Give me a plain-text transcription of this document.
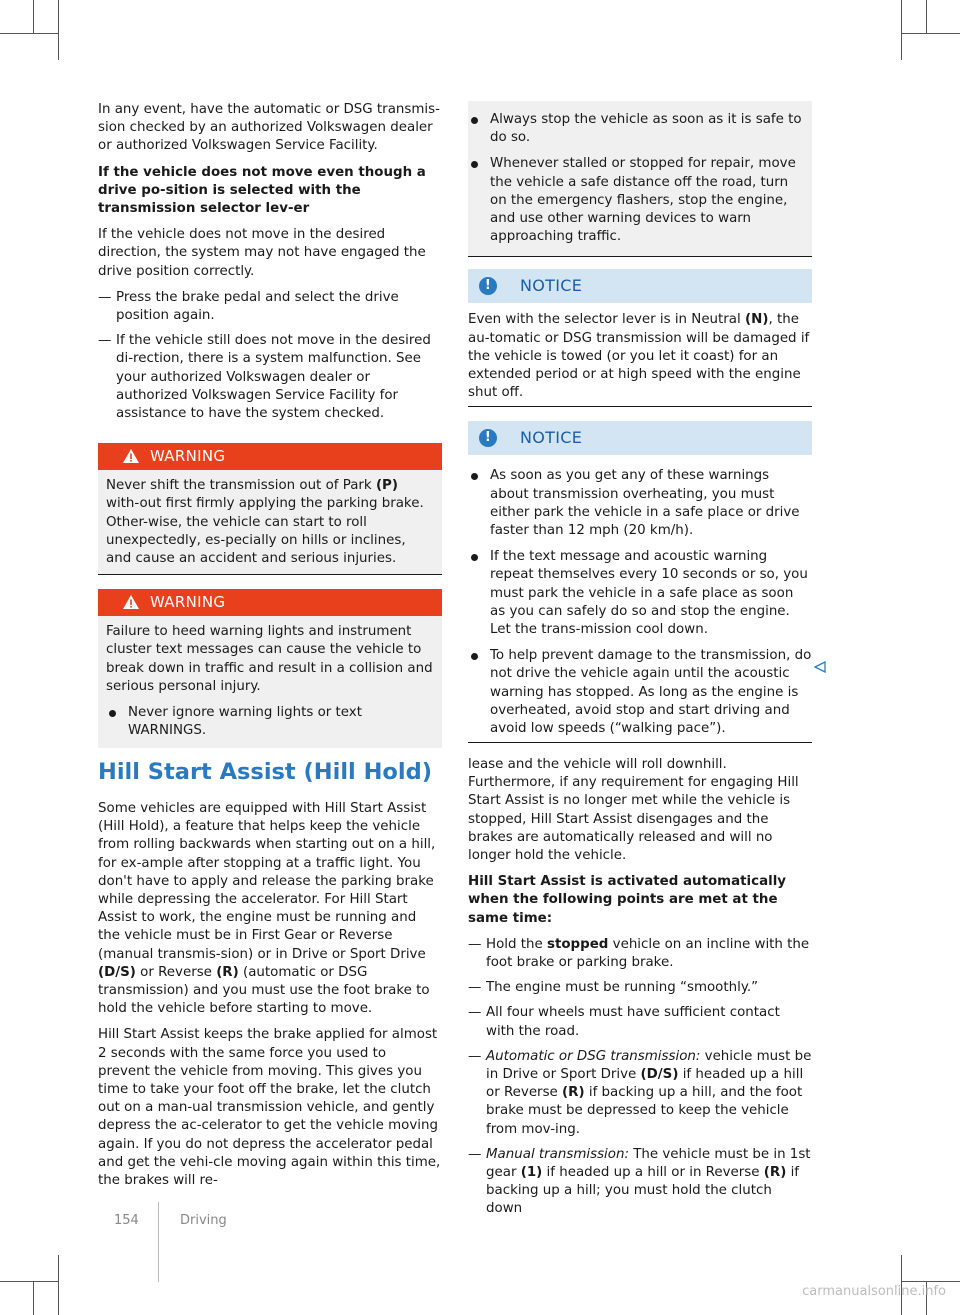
In any event, have the automatic or DSG transmis-sion checked by an authorized Volkswagen dealer or authorized Volkswagen Service Facility.

If the vehicle does not move even though a drive po-sition is selected with the transmission selector lev-er

If the vehicle does not move in the desired direction, the system may not have engaged the drive position correctly.

— Press the brake pedal and select the drive position again.
— If the vehicle still does not move in the desired di-rection, there is a system malfunction. See your authorized Volkswagen dealer or authorized Volkswagen Service Facility for assistance to have the system checked.
WARNING

Never shift the transmission out of Park (P) with-out first firmly applying the parking brake. Other-wise, the vehicle can start to roll unexpectedly, es-pecially on hills or inclines, and cause an accident and serious injuries.

WARNING

Failure to heed warning lights and instrument cluster text messages can cause the vehicle to break down in traffic and result in a collision and serious personal injury.

Never ignore warning lights or text WARNINGS.
Always stop the vehicle as soon as it is safe to do so.
Whenever stalled or stopped for repair, move the vehicle a safe distance off the road, turn on the emergency flashers, stop the engine, and use other warning devices to warn approaching traffic.
!	NOTICE

Even with the selector lever is in Neutral (N), the au-tomatic or DSG transmission will be damaged if the vehicle is towed (or you let it coast) for an extended period or at high speed with the engine shut off.

!	NOTICE
As soon as you get any of these warnings about transmission overheating, you must either park the vehicle in a safe place or drive faster than 12 mph (20 km/h).
If the text message and acoustic warning repeat themselves every 10 seconds or so, you must park the vehicle in a safe place as soon as you can safely do so and stop the engine. Let the trans-mission cool down.
To help prevent damage to the transmission, do not drive the vehicle again until the acoustic warning has stopped. As long as the engine is overheated, avoid stop and start driving and avoid low speeds (“walking pace”).
Hill Start Assist (Hill Hold)

Some vehicles are equipped with Hill Start Assist (Hill Hold), a feature that helps keep the vehicle from rolling backwards when starting out on a hill, for ex-ample after stopping at a traffic light. You don't have to apply and release the parking brake while depressing the accelerator. For Hill Start Assist to work, the engine must be running and the vehicle must be in First Gear or Reverse (manual transmis-sion) or in Drive or Sport Drive (D/S) or Reverse (R) (automatic or DSG transmission) and you must use the foot brake to hold the vehicle before starting to move.

Hill Start Assist keeps the brake applied for almost 2 seconds with the same force you used to prevent the vehicle from moving. This gives you time to take your foot off the brake, let the clutch out on a man-ual transmission vehicle, and gently depress the ac-celerator to get the vehicle moving again. If you do not depress the accelerator pedal and get the vehi-cle moving again within this time, the brakes will re-

lease and the vehicle will roll downhill. Furthermore, if any requirement for engaging Hill Start Assist is no longer met while the vehicle is stopped, Hill Start Assist disengages and the brakes are automatically released and will no longer hold the vehicle.

Hill Start Assist is activated automatically when the following points are met at the same time:

— Hold the stopped vehicle on an incline with the foot brake or parking brake.
— The engine must be running “smoothly.”
— All four wheels must have sufficient contact with the road.
— Automatic or DSG transmission: vehicle must be in Drive or Sport Drive (D/S) if headed up a hill or Reverse (R) if backing up a hill, and the foot brake must be depressed to keep the vehicle from mov-ing.
— Manual transmission: The vehicle must be in 1st gear (1) if headed up a hill or in Reverse (R) if backing up a hill; you must hold the clutch down
154	Driving
carmanualsonline.info
